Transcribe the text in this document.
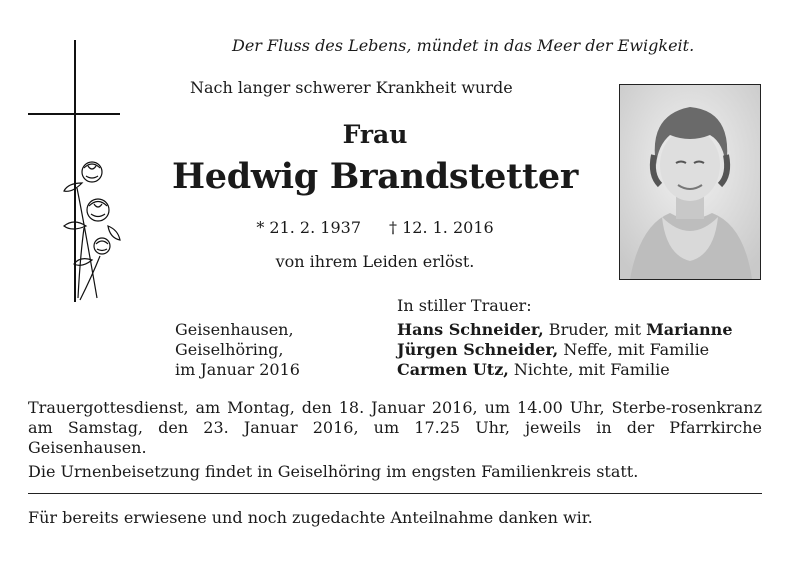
Der Fluss des Lebens, mündet in das Meer der Ewigkeit.
Nach langer schwerer Krankheit wurde
Frau
Hedwig Brandstetter
* 21. 2. 1937 † 12. 1. 2016
von ihrem Leiden erlöst.
In stiller Trauer:
Geisenhausen,
Geiselhöring,
im Januar 2016
Hans Schneider, Bruder, mit Marianne
Jürgen Schneider, Neffe, mit Familie
Carmen Utz, Nichte, mit Familie
Trauergottesdienst, am Montag, den 18. Januar 2016, um 14.00 Uhr, Sterbe-rosenkranz am Samstag, den 23. Januar 2016, um 17.25 Uhr, jeweils in der Pfarrkirche Geisenhausen.
Die Urnenbeisetzung findet in Geiselhöring im engsten Familienkreis statt.
Für bereits erwiesene und noch zugedachte Anteilnahme danken wir.
